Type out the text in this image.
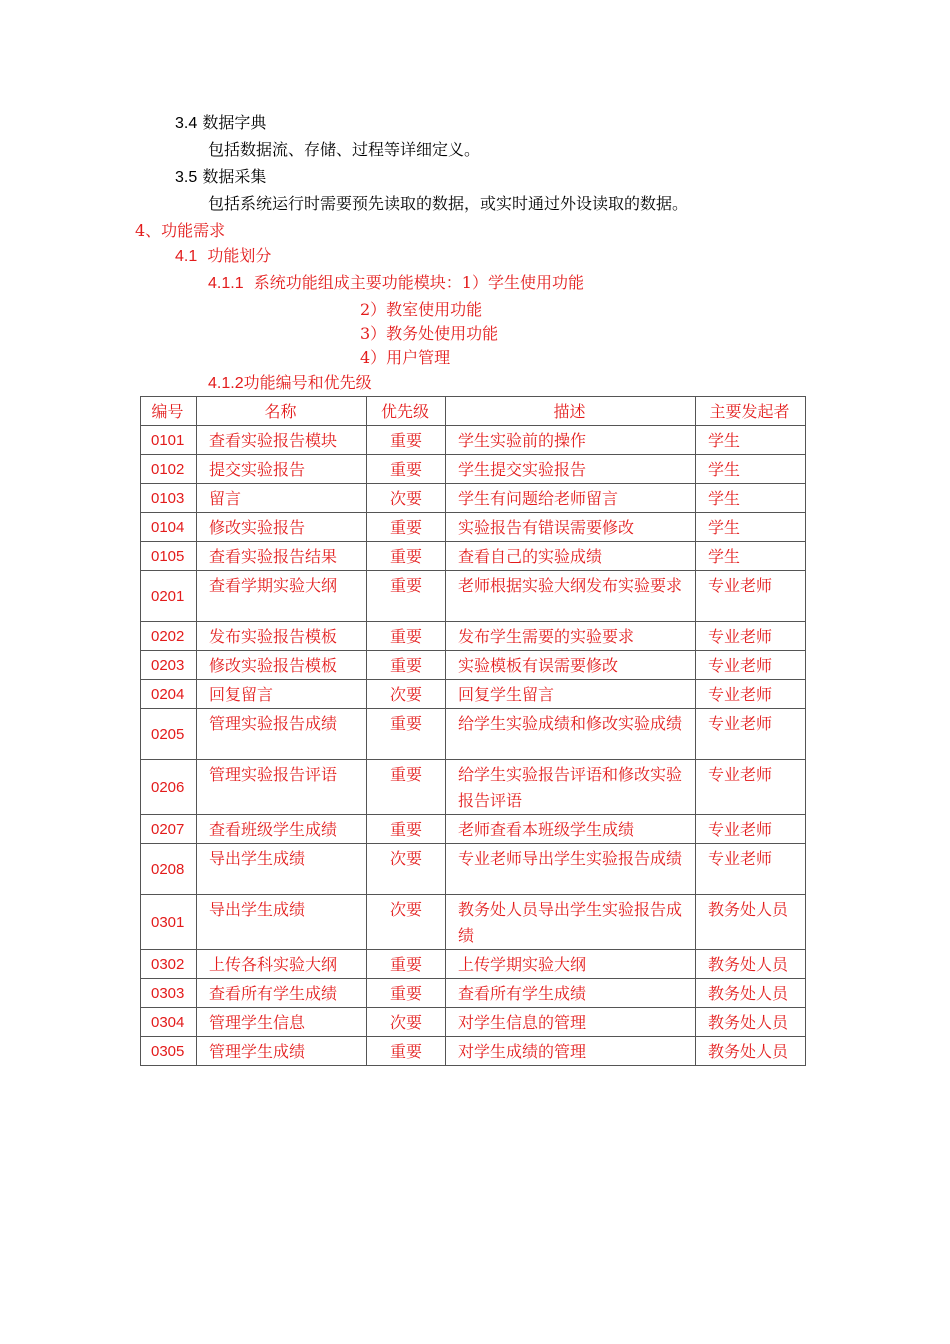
3.4 数据字典
包括数据流、存储、过程等详细定义。
3.5 数据采集
包括系统运行时需要预先读取的数据，或实时通过外设读取的数据。
4、功能需求
4.1 功能划分
4.1.1 系统功能组成主要功能模块：1）学生使用功能
2）教室使用功能
3）教务处使用功能
4）用户管理
4.1.2功能编号和优先级
编号	名称	优先级	描述	主要发起者
0101	查看实验报告模块	重要	学生实验前的操作	学生
0102	提交实验报告	重要	学生提交实验报告	学生
0103	留言	次要	学生有问题给老师留言	学生
0104	修改实验报告	重要	实验报告有错误需要修改	学生
0105	查看实验报告结果	重要	查看自己的实验成绩	学生
0201	查看学期实验大纲	重要	老师根据实验大纲发布实验要求	专业老师
0202	发布实验报告模板	重要	发布学生需要的实验要求	专业老师
0203	修改实验报告模板	重要	实验模板有误需要修改	专业老师
0204	回复留言	次要	回复学生留言	专业老师
0205	管理实验报告成绩	重要	给学生实验成绩和修改实验成绩	专业老师
0206	管理实验报告评语	重要	给学生实验报告评语和修改实验报告评语	专业老师
0207	查看班级学生成绩	重要	老师查看本班级学生成绩	专业老师
0208	导出学生成绩	次要	专业老师导出学生实验报告成绩	专业老师
0301	导出学生成绩	次要	教务处人员导出学生实验报告成绩	教务处人员
0302	上传各科实验大纲	重要	上传学期实验大纲	教务处人员
0303	查看所有学生成绩	重要	查看所有学生成绩	教务处人员
0304	管理学生信息	次要	对学生信息的管理	教务处人员
0305	管理学生成绩	重要	对学生成绩的管理	教务处人员
